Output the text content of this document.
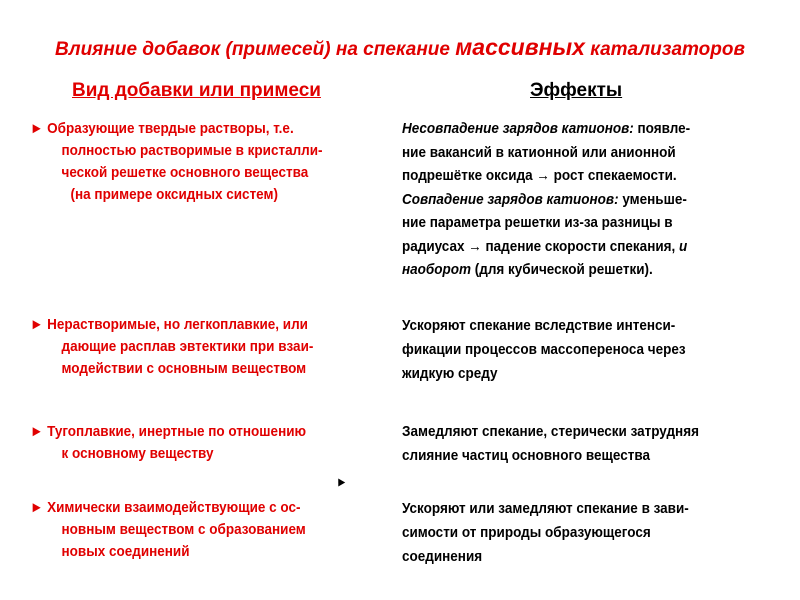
Влияние добавок (примесей) на спекание массивных катализаторов
Вид добавки или примеси	Эффекты
► Образующие твердые растворы, т.е.
полностью растворимые в кристалли-
ческой решетке основного вещества
(на примере оксидных систем)
Несовпадение зарядов катионов: появле-
ние вакансий в катионной или анионной
подрешётке оксида → рост спекаемости.
Совпадение зарядов катионов: уменьше-
ние параметра решетки из-за разницы в
радиусах → падение скорости спекания, и
наоборот (для кубической решетки).
► Нерастворимые, но легкоплавкие, или
дающие расплав эвтектики при взаи-
модействии с основным веществом
Ускоряют спекание вследствие интенси-
фикации процессов массопереноса через
жидкую среду
► Тугоплавкие, инертные по отношению
к основному веществу
Замедляют спекание, стерически затрудняя
слияние частиц основного вещества
► Химически взаимодействующие с ос-
новным веществом с образованием
новых соединений
Ускоряют или замедляют спекание в зави-
симости от природы образующегося
соединения
